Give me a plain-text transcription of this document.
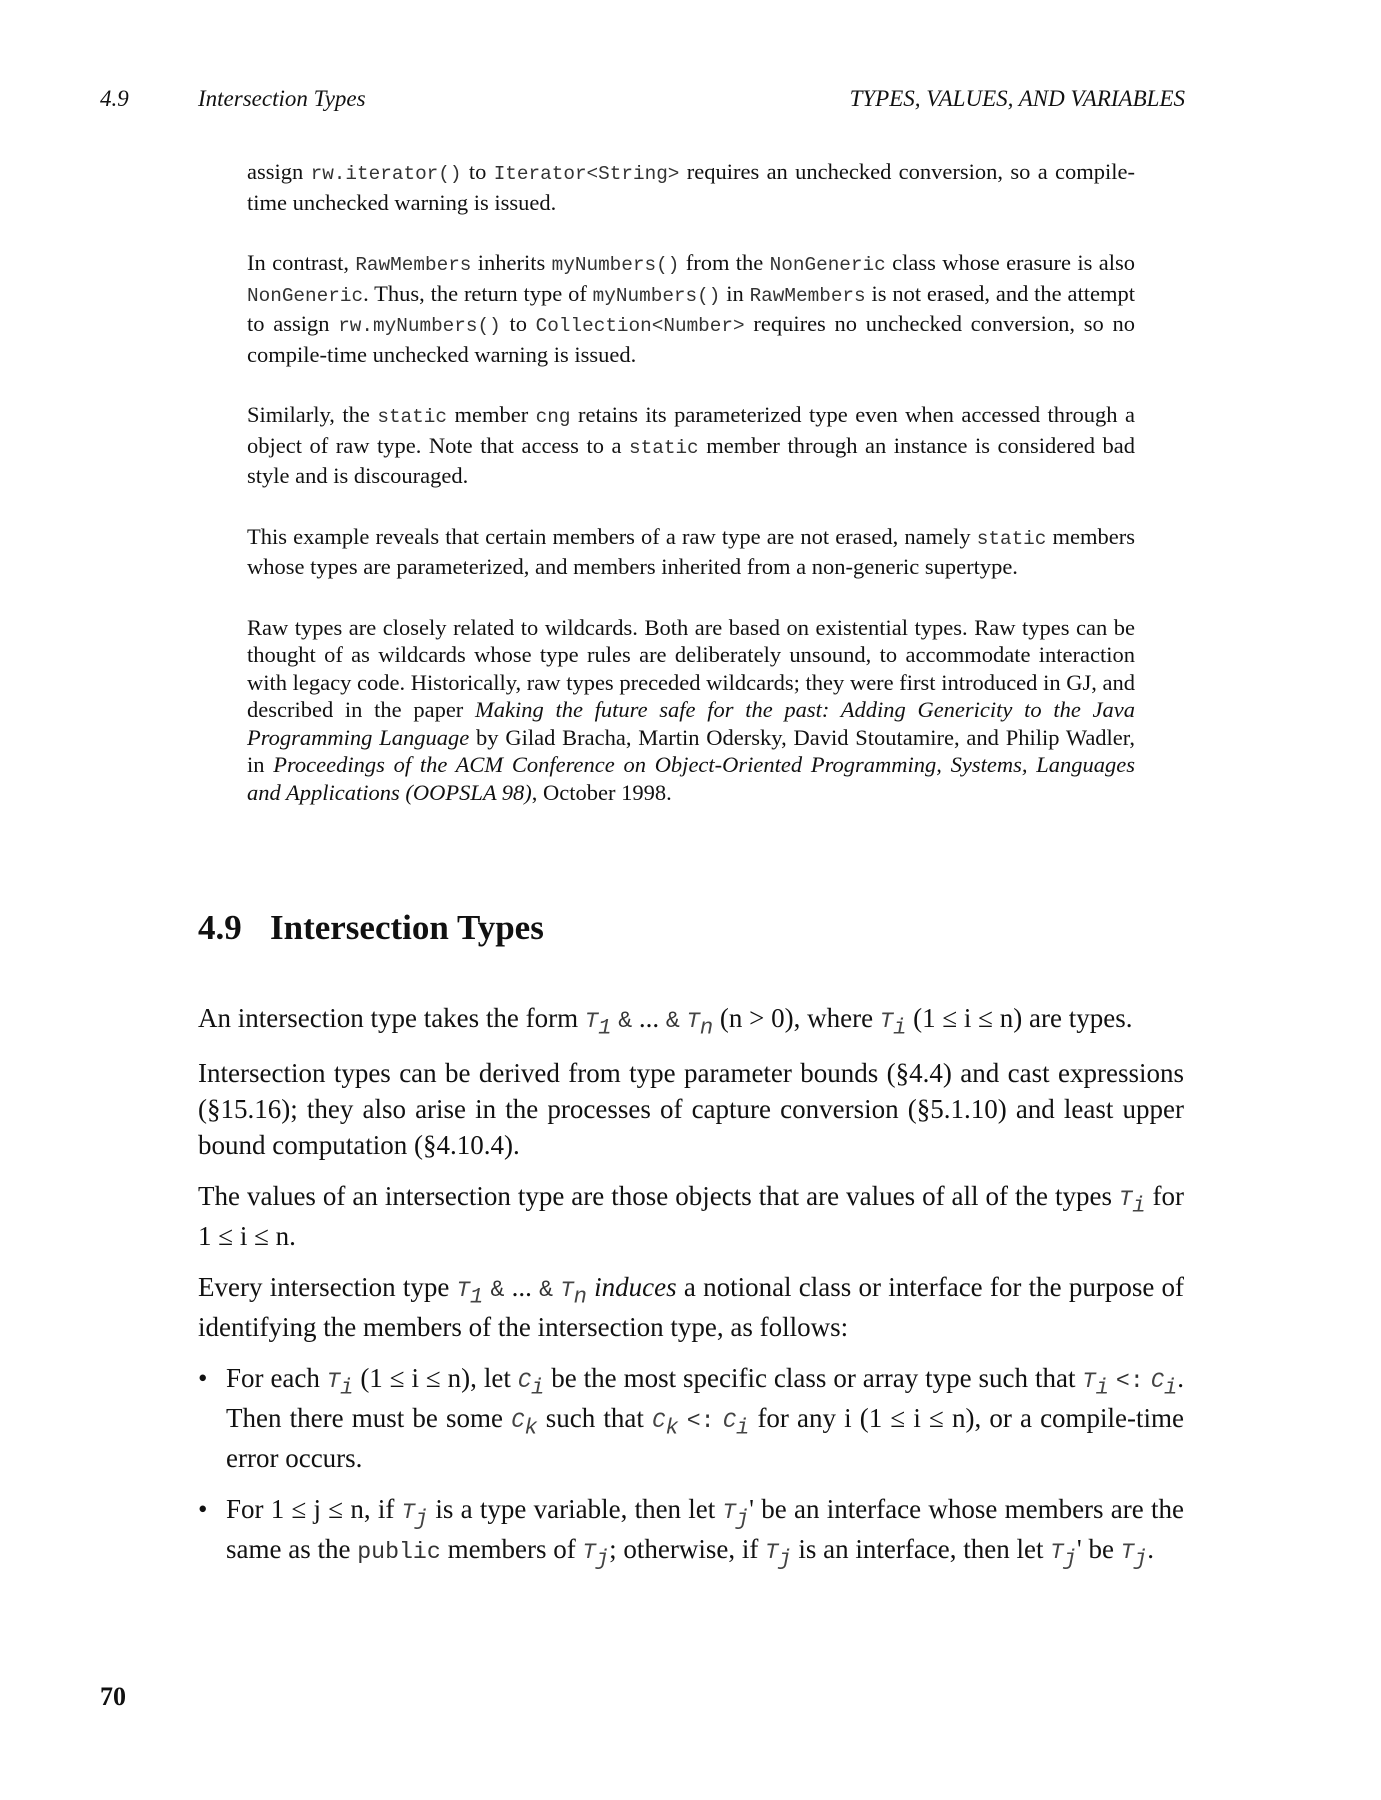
4.9	Intersection Types	TYPES, VALUES, AND VARIABLES

assign rw.iterator() to Iterator<String> requires an unchecked conversion, so a compile-time unchecked warning is issued.

In contrast, RawMembers inherits myNumbers() from the NonGeneric class whose erasure is also NonGeneric. Thus, the return type of myNumbers() in RawMembers is not erased, and the attempt to assign rw.myNumbers() to Collection<Number> requires no unchecked conversion, so no compile-time unchecked warning is issued.

Similarly, the static member cng retains its parameterized type even when accessed through a object of raw type. Note that access to a static member through an instance is considered bad style and is discouraged.

This example reveals that certain members of a raw type are not erased, namely static members whose types are parameterized, and members inherited from a non-generic supertype.

Raw types are closely related to wildcards. Both are based on existential types. Raw types can be thought of as wildcards whose type rules are deliberately unsound, to accommodate interaction with legacy code. Historically, raw types preceded wildcards; they were first introduced in GJ, and described in the paper Making the future safe for the past: Adding Genericity to the Java Programming Language by Gilad Bracha, Martin Odersky, David Stoutamire, and Philip Wadler, in Proceedings of the ACM Conference on Object-Oriented Programming, Systems, Languages and Applications (OOPSLA 98), October 1998.

4.9 Intersection Types

An intersection type takes the form $T_1$ & ... & $T_n$ (n > 0), where $T_i$ (1 ≤ i ≤ n) are types.

Intersection types can be derived from type parameter bounds (§4.4) and cast expressions (§15.16); they also arise in the processes of capture conversion (§5.1.10) and least upper bound computation (§4.10.4).

The values of an intersection type are those objects that are values of all of the types $T_i$ for 1 ≤ i ≤ n.

Every intersection type $T_1$ & ... & $T_n$ induces a notional class or interface for the purpose of identifying the members of the intersection type, as follows:

• For each $T_i$ (1 ≤ i ≤ n), let $C_i$ be the most specific class or array type such that $T_i$ <: $C_i$. Then there must be some $C_k$ such that $C_k$ <: $C_i$ for any i (1 ≤ i ≤ n), or a compile-time error occurs.
• For 1 ≤ j ≤ n, if $T_j$ is a type variable, then let $T_j'$ be an interface whose members are the same as the public members of $T_j$; otherwise, if $T_j$ is an interface, then let $T_j'$ be $T_j$.
70
